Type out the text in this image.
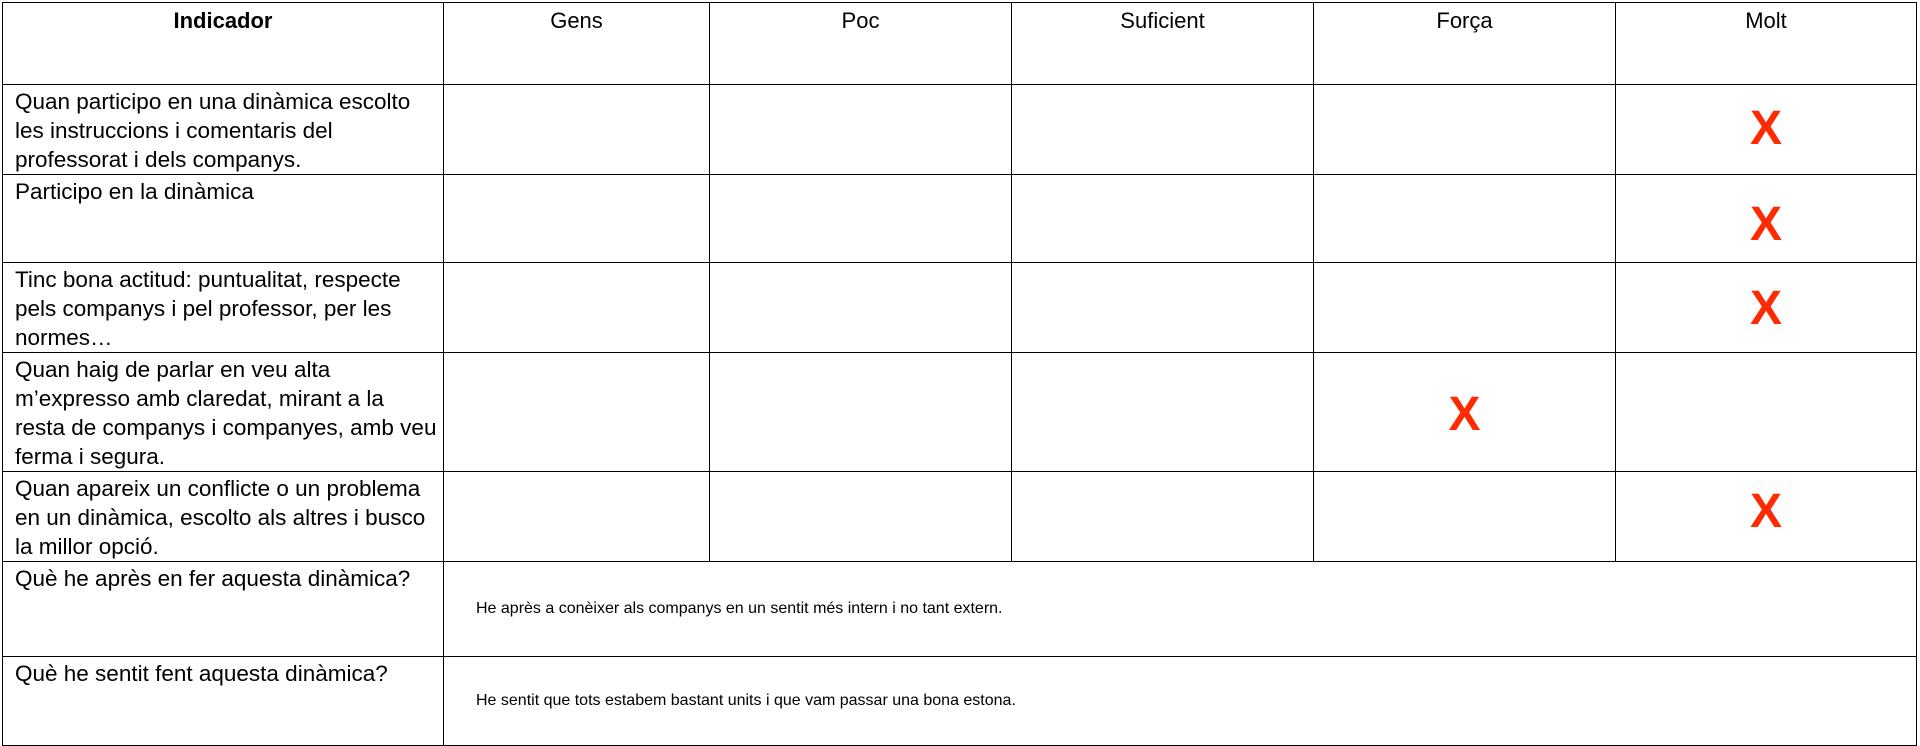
Indicador	Gens	Poc	Suficient	Força	Molt
Quan participo en una dinàmica escolto les instruccions i comentaris del professorat i dels companys.					X

Participo en la dinàmica					X

Tinc bona actitud: puntualitat, respecte pels companys i pel professor, per les normes…					X

Quan haig de parlar en veu alta m’expresso amb claredat, mirant a la resta de companys i companyes, amb veu ferma i segura.				X	

Quan apareix un conflicte o un problema en un dinàmica, escolto als altres i busco la millor opció.					X

Què he après en fer aquesta dinàmica?	He après a conèixer als companys en un sentit més intern i no tant extern.				
Què he sentit fent aquesta dinàmica?	He sentit que tots estabem bastant units i que vam passar una bona estona.				
